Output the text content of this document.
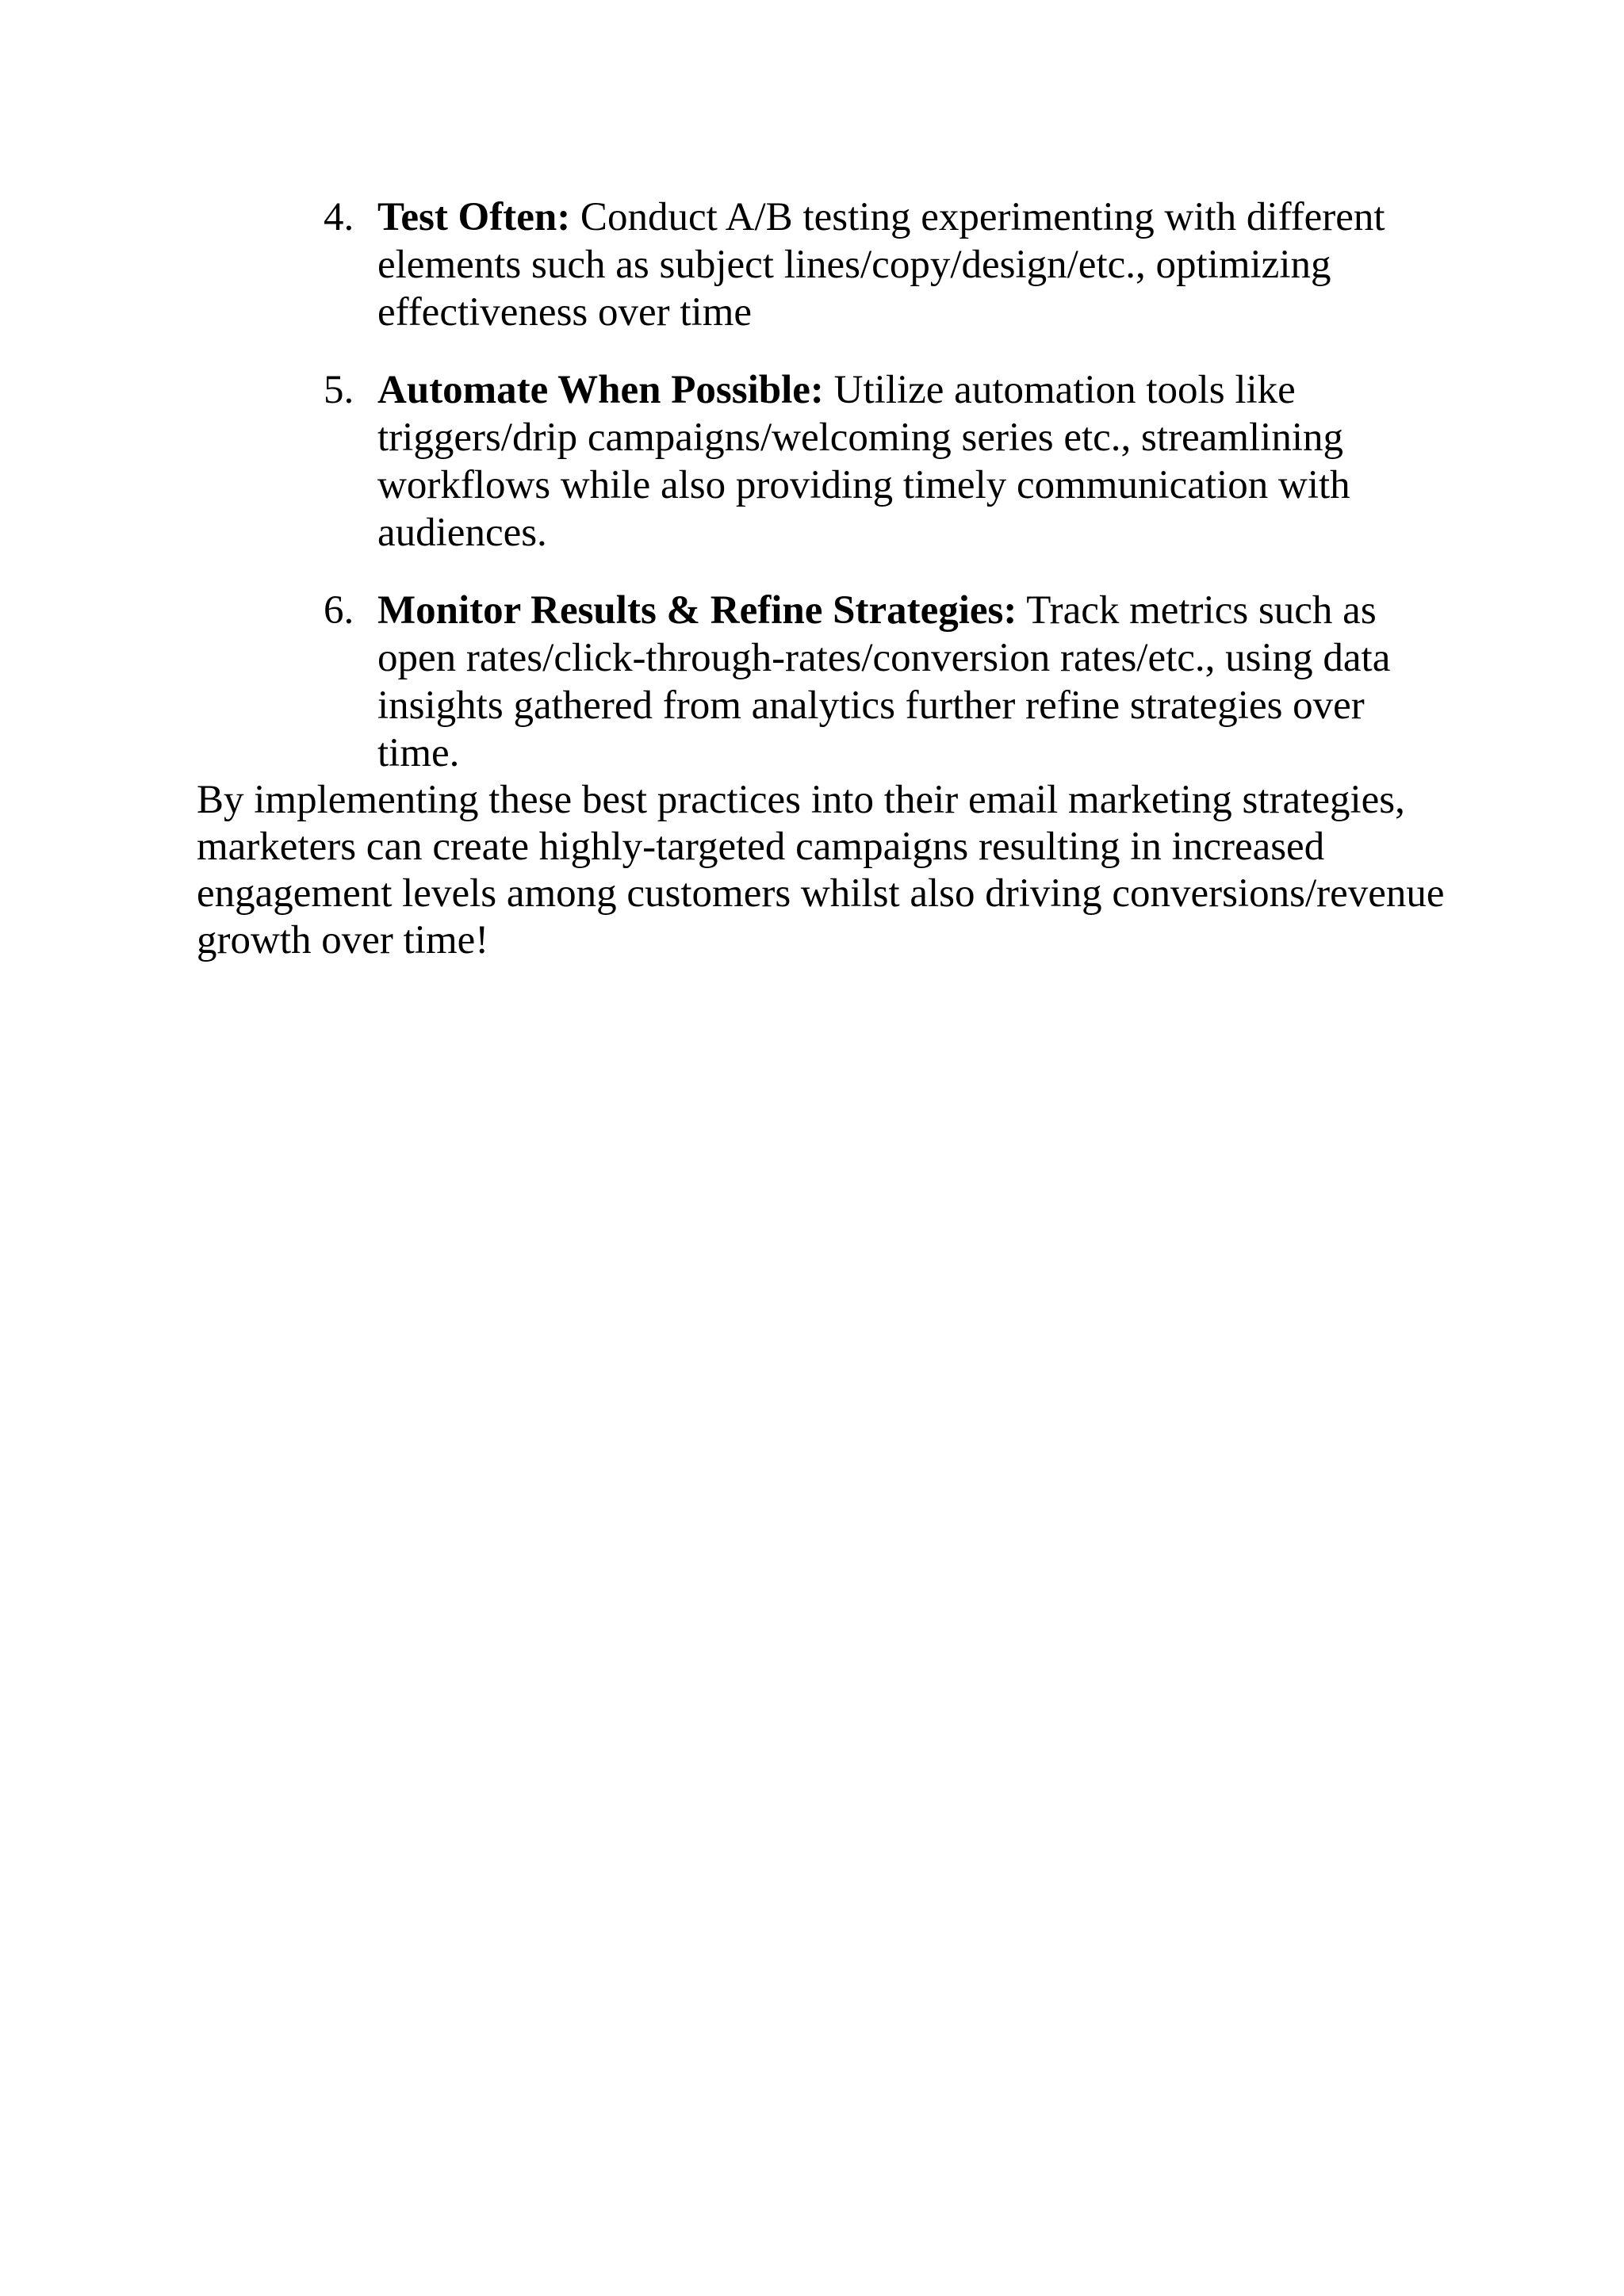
4. Test Often: Conduct A/B testing experimenting with different elements such as subject lines/copy/design/etc., optimizing effectiveness over time
5. Automate When Possible: Utilize automation tools like triggers/drip campaigns/welcoming series etc., streamlining workflows while also providing timely communication with audiences.
6. Monitor Results & Refine Strategies: Track metrics such as open rates/click-through-rates/conversion rates/etc., using data insights gathered from analytics further refine strategies over time.

By implementing these best practices into their email marketing strategies, marketers can create highly-targeted campaigns resulting in increased engagement levels among customers whilst also driving conversions/revenue growth over time!
